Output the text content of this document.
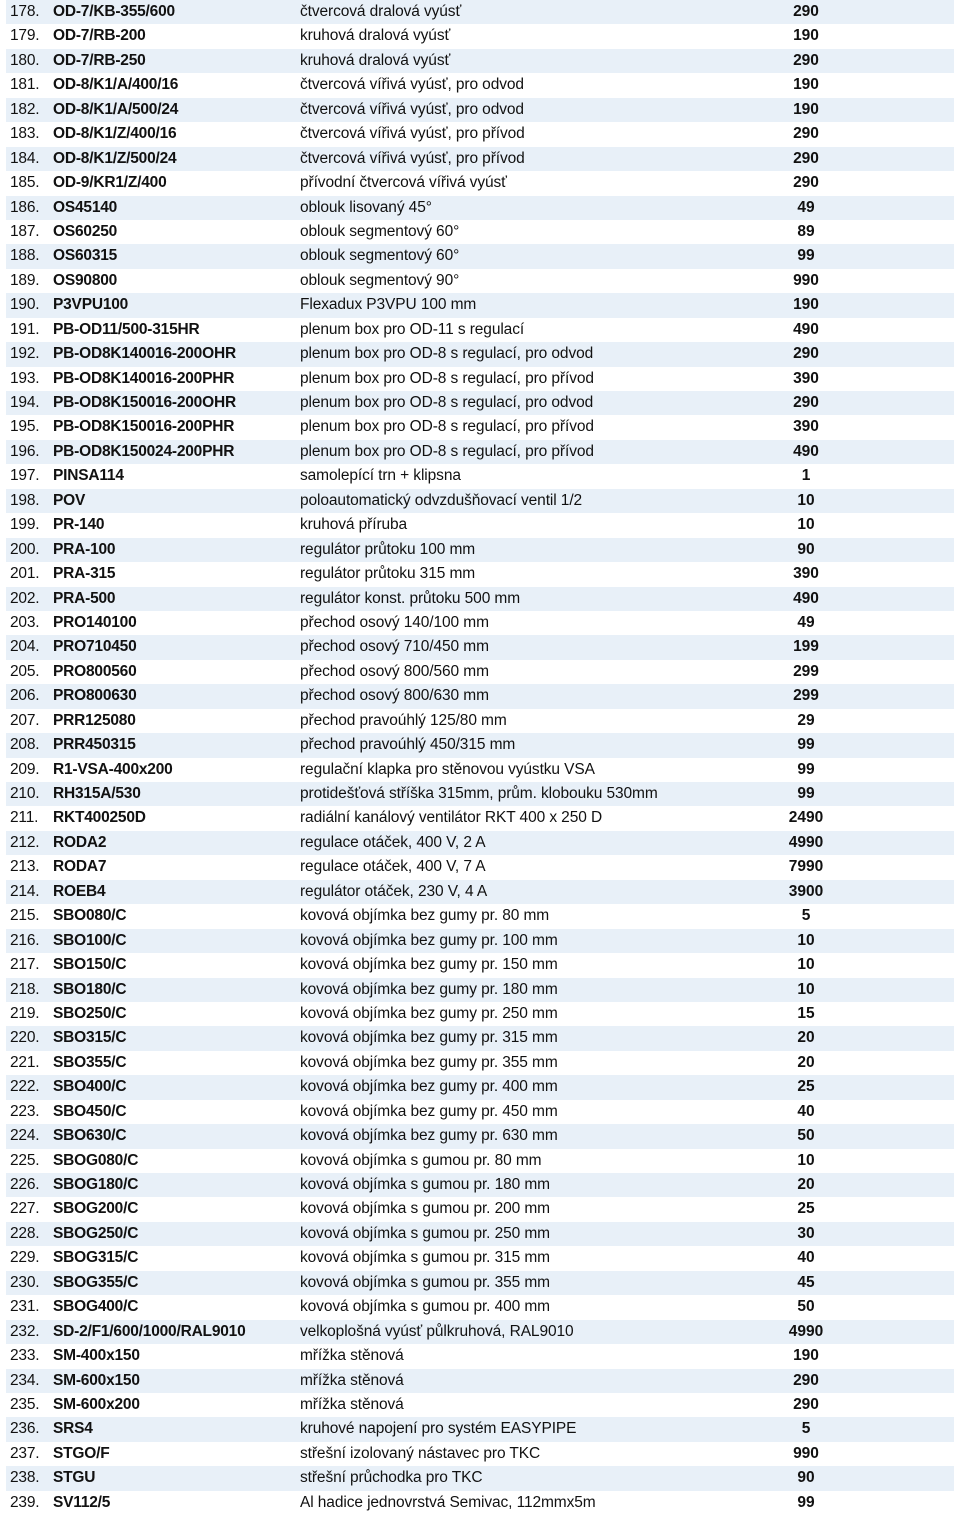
178. OD-7/KB-355/600	čtvercová dralová vyúsť	290
179. OD-7/RB-200	kruhová dralová vyúsť	190
180. OD-7/RB-250	kruhová dralová vyúsť	290
181. OD-8/K1/A/400/16	čtvercová vířivá vyúsť, pro odvod	190
182. OD-8/K1/A/500/24	čtvercová vířivá vyúsť, pro odvod	190
183. OD-8/K1/Z/400/16	čtvercová vířivá vyúsť, pro přívod	290
184. OD-8/K1/Z/500/24	čtvercová vířivá vyúsť, pro přívod	290
185. OD-9/KR1/Z/400	přívodní čtvercová vířivá vyúsť	290
186. OS45140	oblouk lisovaný 45°	49
187. OS60250	oblouk segmentový 60°	89
188. OS60315	oblouk segmentový 60°	99
189. OS90800	oblouk segmentový 90°	990
190. P3VPU100	Flexadux P3VPU 100 mm	190
191. PB-OD11/500-315HR	plenum box pro OD-11 s regulací	490
192. PB-OD8K140016-200OHR	plenum box pro OD-8 s regulací, pro odvod	290
193. PB-OD8K140016-200PHR	plenum box pro OD-8 s regulací, pro přívod	390
194. PB-OD8K150016-200OHR	plenum box pro OD-8 s regulací, pro odvod	290
195. PB-OD8K150016-200PHR	plenum box pro OD-8 s regulací, pro přívod	390
196. PB-OD8K150024-200PHR	plenum box pro OD-8 s regulací, pro přívod	490
197. PINSA114	samolepící trn + klipsna	1
198. POV	poloautomatický odvzdušňovací ventil 1/2	10
199. PR-140	kruhová příruba	10
200. PRA-100	regulátor průtoku 100 mm	90
201. PRA-315	regulátor průtoku 315 mm	390
202. PRA-500	regulátor konst. průtoku 500 mm	490
203. PRO140100	přechod osový 140/100 mm	49
204. PRO710450	přechod osový 710/450 mm	199
205. PRO800560	přechod osový 800/560 mm	299
206. PRO800630	přechod osový 800/630 mm	299
207. PRR125080	přechod pravoúhlý 125/80 mm	29
208. PRR450315	přechod pravoúhlý 450/315 mm	99
209. R1-VSA-400x200	regulační klapka pro stěnovou vyústku VSA	99
210. RH315A/530	protidešťová stříška 315mm, prům. klobouku 530mm	99
211. RKT400250D	radiální kanálový ventilátor RKT 400 x 250 D	2490
212. RODA2	regulace otáček, 400 V, 2 A	4990
213. RODA7	regulace otáček, 400 V, 7 A	7990
214. ROEB4	regulátor otáček, 230 V, 4 A	3900
215. SBO080/C	kovová objímka bez gumy pr. 80 mm	5
216. SBO100/C	kovová objímka bez gumy pr. 100 mm	10
217. SBO150/C	kovová objímka bez gumy pr. 150 mm	10
218. SBO180/C	kovová objímka bez gumy pr. 180 mm	10
219. SBO250/C	kovová objímka bez gumy pr. 250 mm	15
220. SBO315/C	kovová objímka bez gumy pr. 315 mm	20
221. SBO355/C	kovová objímka bez gumy pr. 355 mm	20
222. SBO400/C	kovová objímka bez gumy pr. 400 mm	25
223. SBO450/C	kovová objímka bez gumy pr. 450 mm	40
224. SBO630/C	kovová objímka bez gumy pr. 630 mm	50
225. SBOG080/C	kovová objímka s gumou pr. 80 mm	10
226. SBOG180/C	kovová objímka s gumou pr. 180 mm	20
227. SBOG200/C	kovová objímka s gumou pr. 200 mm	25
228. SBOG250/C	kovová objímka s gumou pr. 250 mm	30
229. SBOG315/C	kovová objímka s gumou pr. 315 mm	40
230. SBOG355/C	kovová objímka s gumou pr. 355 mm	45
231. SBOG400/C	kovová objímka s gumou pr. 400 mm	50
232. SD-2/F1/600/1000/RAL9010	velkoplošná vyúsť půlkruhová, RAL9010	4990
233. SM-400x150	mřížka stěnová	190
234. SM-600x150	mřížka stěnová	290
235. SM-600x200	mřížka stěnová	290
236. SRS4	kruhové napojení pro systém EASYPIPE	5
237. STGO/F	střešní izolovaný nástavec pro TKC	990
238. STGU	střešní průchodka pro TKC	90
239. SV112/5	Al hadice jednovrstvá Semivac, 112mmx5m	99
